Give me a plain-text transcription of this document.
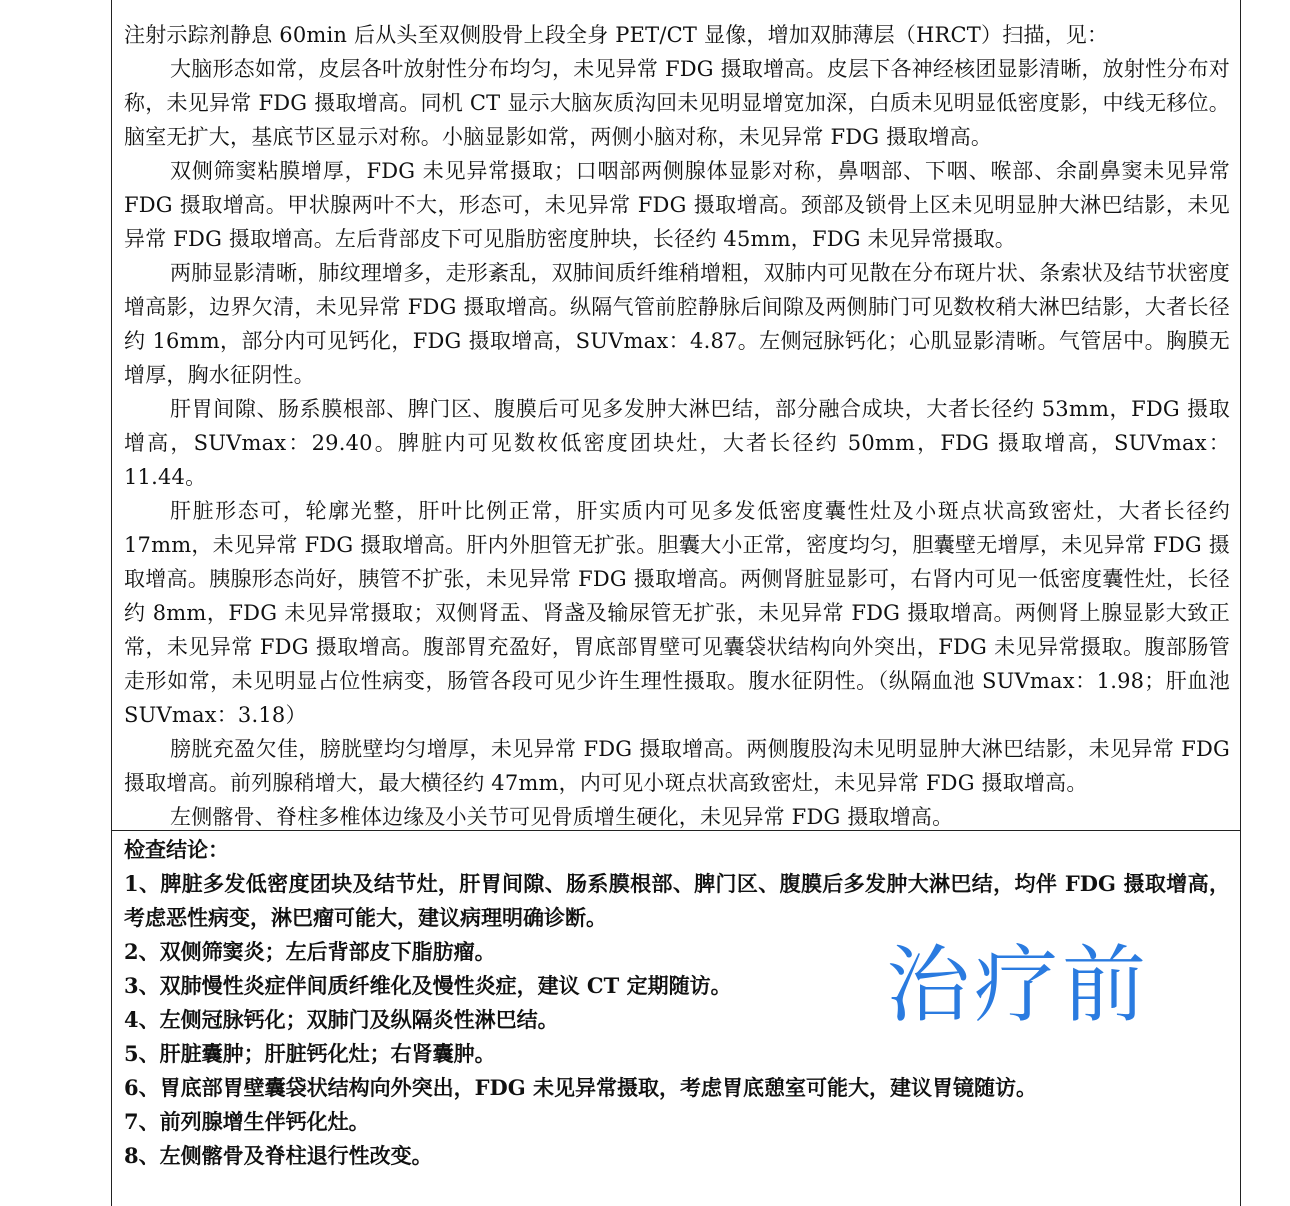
注射示踪剂静息 60min 后从头至双侧股骨上段全身 PET/CT 显像，增加双肺薄层（HRCT）扫描，见：

大脑形态如常，皮层各叶放射性分布均匀，未见异常 FDG 摄取增高。皮层下各神经核团显影清晰，放射性分布对称，未见异常 FDG 摄取增高。同机 CT 显示大脑灰质沟回未见明显增宽加深，白质未见明显低密度影，中线无移位。脑室无扩大，基底节区显示对称。小脑显影如常，两侧小脑对称，未见异常 FDG 摄取增高。

双侧筛窦粘膜增厚，FDG 未见异常摄取；口咽部两侧腺体显影对称，鼻咽部、下咽、喉部、余副鼻窦未见异常 FDG 摄取增高。甲状腺两叶不大，形态可，未见异常 FDG 摄取增高。颈部及锁骨上区未见明显肿大淋巴结影，未见异常 FDG 摄取增高。左后背部皮下可见脂肪密度肿块，长径约 45mm，FDG 未见异常摄取。

两肺显影清晰，肺纹理增多，走形紊乱，双肺间质纤维稍增粗，双肺内可见散在分布斑片状、条索状及结节状密度增高影，边界欠清，未见异常 FDG 摄取增高。纵隔气管前腔静脉后间隙及两侧肺门可见数枚稍大淋巴结影，大者长径约 16mm，部分内可见钙化，FDG 摄取增高，SUVmax：4.87。左侧冠脉钙化；心肌显影清晰。气管居中。胸膜无增厚，胸水征阴性。

肝胃间隙、肠系膜根部、脾门区、腹膜后可见多发肿大淋巴结，部分融合成块，大者长径约 53mm，FDG 摄取增高，SUVmax：29.40。脾脏内可见数枚低密度团块灶，大者长径约 50mm，FDG 摄取增高，SUVmax：11.44。

肝脏形态可，轮廓光整，肝叶比例正常，肝实质内可见多发低密度囊性灶及小斑点状高致密灶，大者长径约 17mm，未见异常 FDG 摄取增高。肝内外胆管无扩张。胆囊大小正常，密度均匀，胆囊壁无增厚，未见异常 FDG 摄取增高。胰腺形态尚好，胰管不扩张，未见异常 FDG 摄取增高。两侧肾脏显影可，右肾内可见一低密度囊性灶，长径约 8mm，FDG 未见异常摄取；双侧肾盂、肾盏及输尿管无扩张，未见异常 FDG 摄取增高。两侧肾上腺显影大致正常，未见异常 FDG 摄取增高。腹部胃充盈好，胃底部胃壁可见囊袋状结构向外突出，FDG 未见异常摄取。腹部肠管走形如常，未见明显占位性病变，肠管各段可见少许生理性摄取。腹水征阴性。（纵隔血池 SUVmax：1.98；肝血池 SUVmax：3.18）

膀胱充盈欠佳，膀胱壁均匀增厚，未见异常 FDG 摄取增高。两侧腹股沟未见明显肿大淋巴结影，未见异常 FDG 摄取增高。前列腺稍增大，最大横径约 47mm，内可见小斑点状高致密灶，未见异常 FDG 摄取增高。

左侧髂骨、脊柱多椎体边缘及小关节可见骨质增生硬化，未见异常 FDG 摄取增高。

检查结论：

1、脾脏多发低密度团块及结节灶，肝胃间隙、肠系膜根部、脾门区、腹膜后多发肿大淋巴结，均伴 FDG 摄取增高，考虑恶性病变，淋巴瘤可能大，建议病理明确诊断。

2、双侧筛窦炎；左后背部皮下脂肪瘤。

3、双肺慢性炎症伴间质纤维化及慢性炎症，建议 CT 定期随访。

4、左侧冠脉钙化；双肺门及纵隔炎性淋巴结。

5、肝脏囊肿；肝脏钙化灶；右肾囊肿。

6、胃底部胃壁囊袋状结构向外突出，FDG 未见异常摄取，考虑胃底憩室可能大，建议胃镜随访。

7、前列腺增生伴钙化灶。

8、左侧髂骨及脊柱退行性改变。

治疗前
